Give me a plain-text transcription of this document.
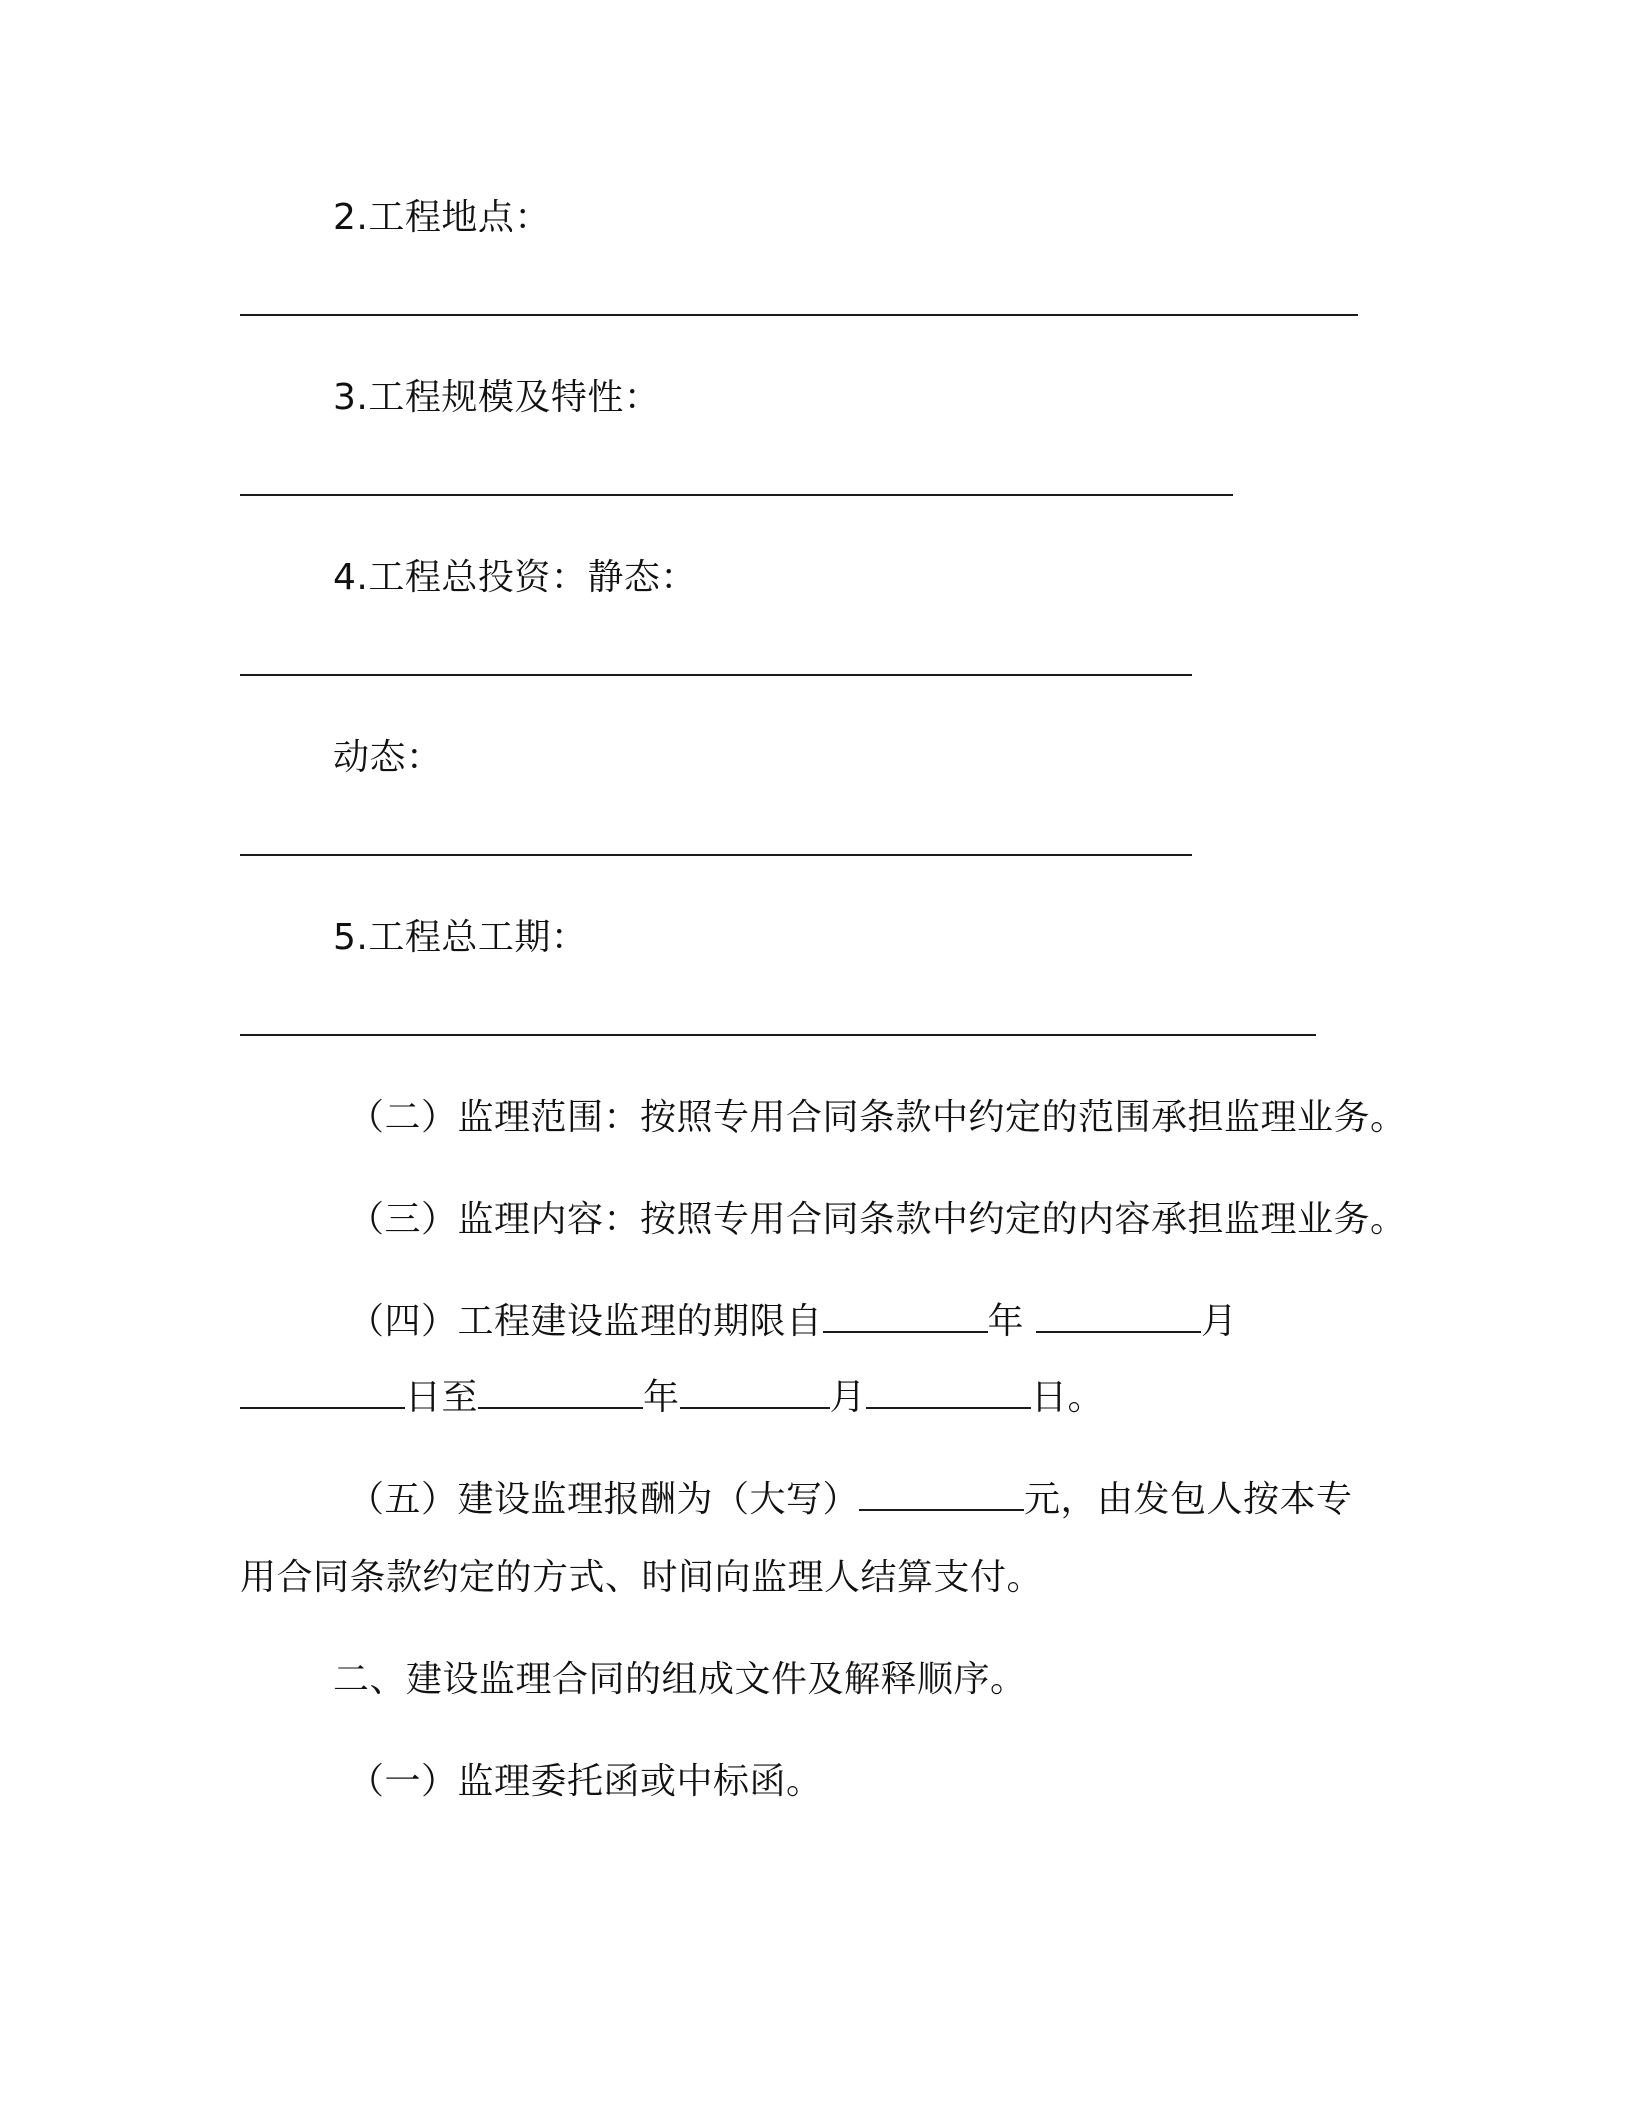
2.工程地点：
3.工程规模及特性：
4.工程总投资：静态：
动态：
5.工程总工期：
（二）监理范围：按照专用合同条款中约定的范围承担监理业务。
（三）监理内容：按照专用合同条款中约定的内容承担监理业务。
（四）工程建设监理的期限自	年	月
日至	年	月	日。
（五）建设监理报酬为（大写）	元，由发包人按本专
用合同条款约定的方式、时间向监理人结算支付。
二、建设监理合同的组成文件及解释顺序。
（一）监理委托函或中标函。
